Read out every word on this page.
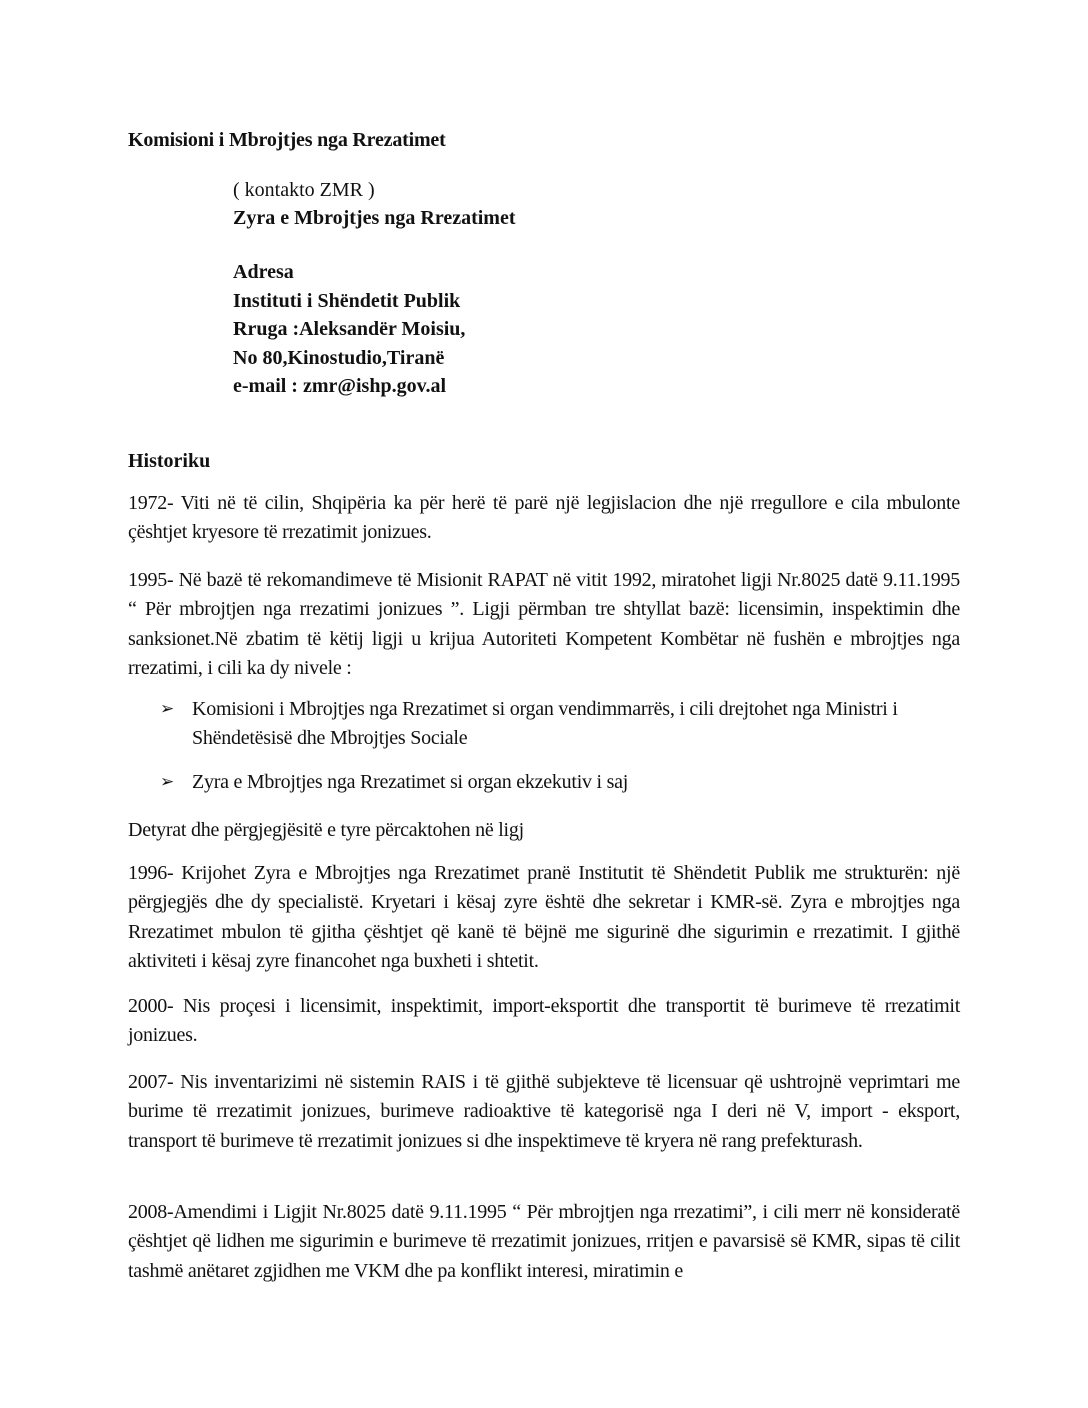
Komisioni i Mbrojtjes nga Rrezatimet
( kontakto ZMR )
Zyra e Mbrojtjes nga Rrezatimet
Adresa
Instituti i Shëndetit Publik
Rruga :Aleksandër Moisiu,
No 80,Kinostudio,Tiranë
e-mail : zmr@ishp.gov.al
Historiku
1972- Viti në të cilin, Shqipëria ka për herë të parë një legjislacion dhe një rregullore e cila mbulonte çështjet kryesore të rrezatimit jonizues.
1995- Në bazë të rekomandimeve të Misionit RAPAT në vitit 1992, miratohet ligji Nr.8025 datë 9.11.1995 “ Për mbrojtjen nga rrezatimi jonizues ”. Ligji përmban tre shtyllat bazë: licensimin, inspektimin dhe sanksionet.Në zbatim të këtij ligji u krijua Autoriteti Kompetent Kombëtar në fushën e mbrojtjes nga rrezatimi, i cili ka dy nivele :
➢ Komisioni i Mbrojtjes nga Rrezatimet si organ vendimmarrës, i cili drejtohet nga Ministri i Shëndetësisë dhe Mbrojtjes Sociale
➢ Zyra e Mbrojtjes nga Rrezatimet si organ ekzekutiv i saj
Detyrat dhe përgjegjësitë e tyre përcaktohen në ligj
1996- Krijohet Zyra e Mbrojtjes nga Rrezatimet pranë Institutit të Shëndetit Publik me strukturën: një përgjegjës dhe dy specialistë. Kryetari i kësaj zyre është dhe sekretar i KMR-së. Zyra e mbrojtjes nga Rrezatimet mbulon të gjitha çështjet që kanë të bëjnë me sigurinë dhe sigurimin e rrezatimit. I gjithë aktiviteti i kësaj zyre financohet nga buxheti i shtetit.
2000- Nis proçesi i licensimit, inspektimit, import-eksportit dhe transportit të burimeve të rrezatimit jonizues.
2007- Nis inventarizimi në sistemin RAIS i të gjithë subjekteve të licensuar që ushtrojnë veprimtari me burime të rrezatimit jonizues, burimeve radioaktive të kategorisë nga I deri në V, import - eksport, transport të burimeve të rrezatimit jonizues si dhe inspektimeve të kryera në rang prefekturash.
2008-Amendimi i Ligjit Nr.8025 datë 9.11.1995 “ Për mbrojtjen nga rrezatimi”, i cili merr në konsideratë çështjet që lidhen me sigurimin e burimeve të rrezatimit jonizues, rritjen e pavarsisë së KMR, sipas të cilit tashmë anëtaret zgjidhen me VKM dhe pa konflikt interesi, miratimin e
